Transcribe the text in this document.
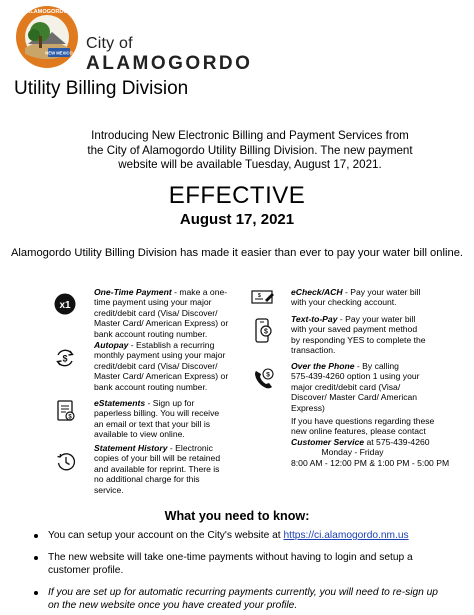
NEW MEXICO
ALAMOGORDO
City of
ALAMOGORDO
Utility Billing Division
Introducing New Electronic Billing and Payment Services from
the City of Alamogordo Utility Billing Division. The new payment
website will be available Tuesday, August 17, 2021.
EFFECTIVE
August 17, 2021
Alamogordo Utility Billing Division has made it easier than ever to pay your water bill online.
x1
$
$
One-Time Payment - make a one-
time payment using your major
credit/debit card (Visa/ Discover/
Master Card/ American Express) or
bank account routing number.
Autopay - Establish a recurring
monthly payment using your major
credit/debit card (Visa/ Discover/
Master Card/ American Express) or
bank account routing number.
eStatements - Sign up for
paperless billing. You will receive
an email or text that your bill is
available to view online.
Statement History - Electronic
copies of your bill will be retained
and available for reprint. There is
no additional charge for this
service.
$
$
$
eCheck/ACH - Pay your water bill
with your checking account.
Text-to-Pay - Pay your water bill
with your saved payment method
by responding YES to complete the
transaction.
Over the Phone - By calling
575-439-4260 option 1 using your
major credit/debit card (Visa/
Discover/ Master Card/ American
Express)
If you have questions regarding these
new online features, please contact
Customer Service at 575-439-4260
Monday - Friday
8:00 AM - 12:00 PM & 1:00 PM - 5:00 PM
What you need to know:
You can setup your account on the City's website at https://ci.alamogordo.nm.us
The new website will take one-time payments without having to login and setup a customer profile.
If you are set up for automatic recurring payments currently, you will need to re-sign up on the new website once you have created your profile.
